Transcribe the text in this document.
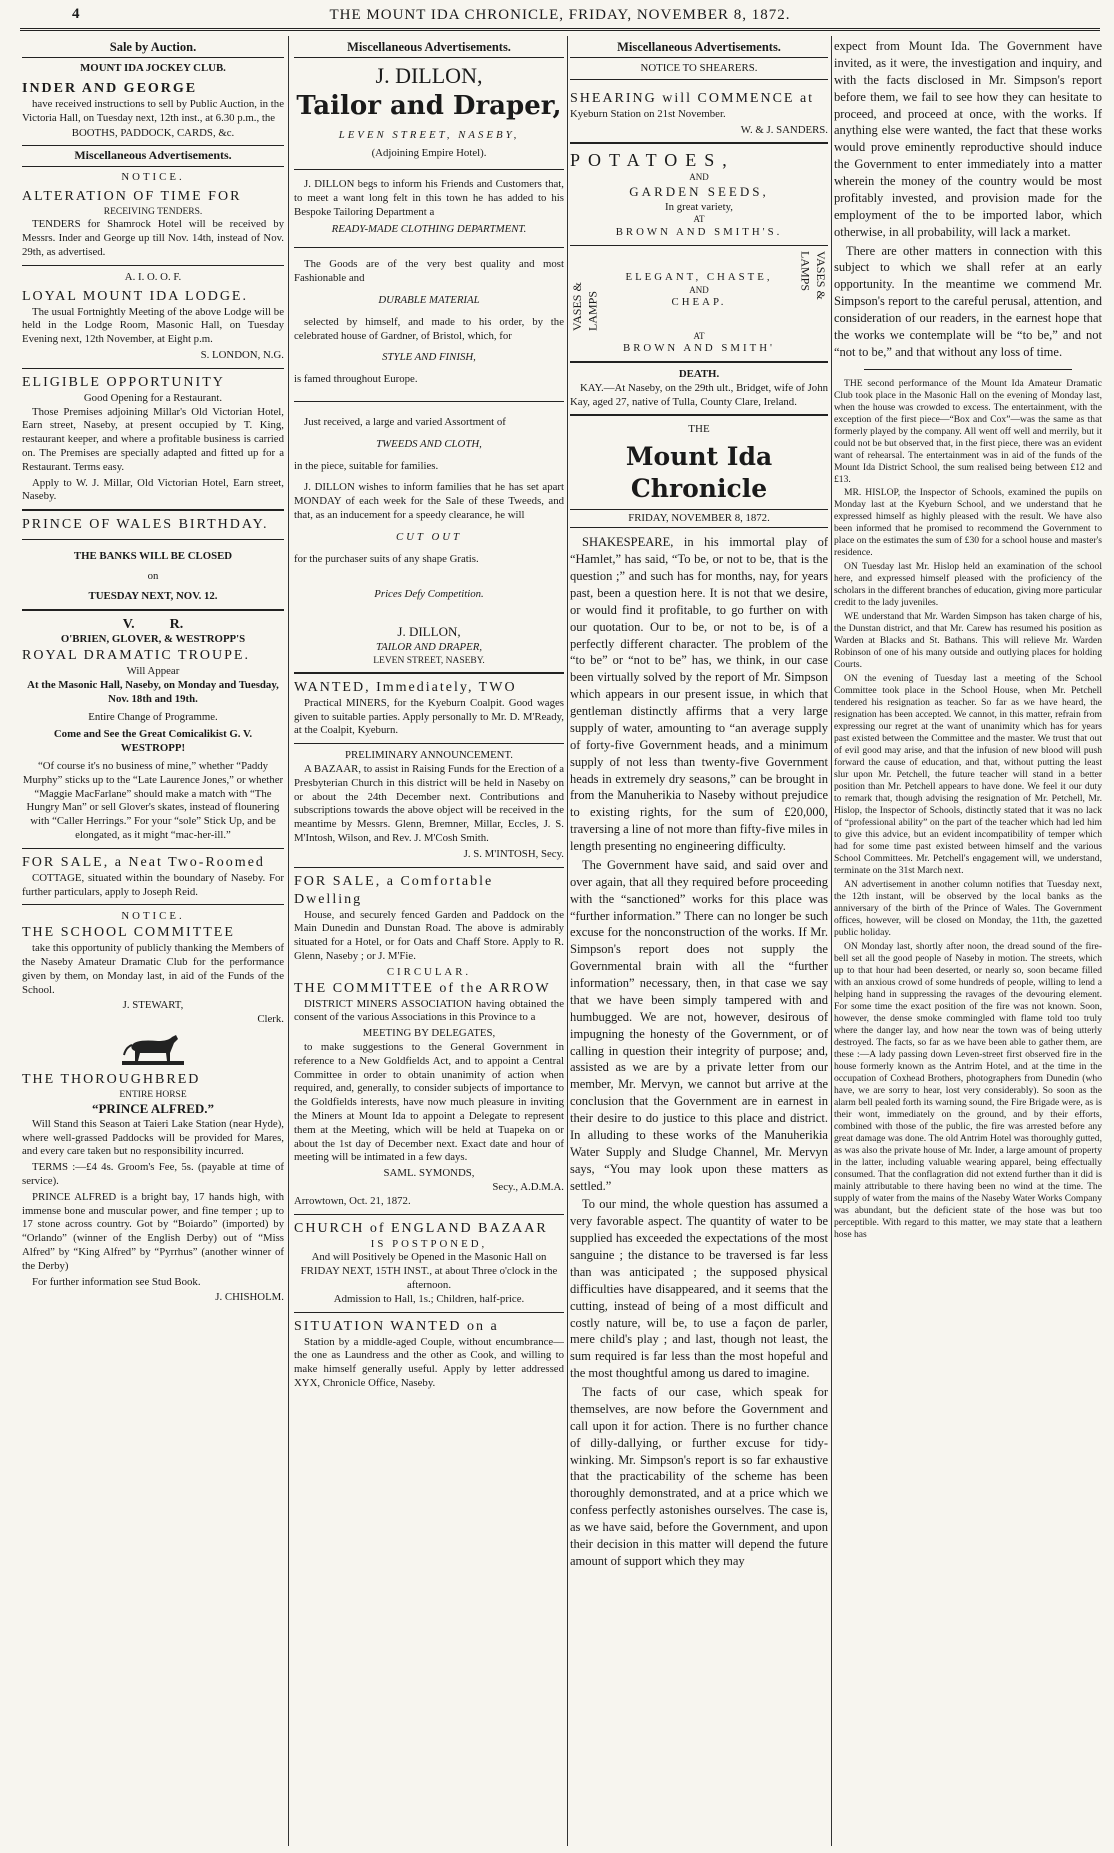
4	THE MOUNT IDA CHRONICLE, FRIDAY, NOVEMBER 8, 1872.
Sale by Auction.
MOUNT IDA JOCKEY CLUB.
INDER AND GEORGE

have received instructions to sell by Public Auction, in the Victoria Hall, on Tuesday next, 12th inst., at 6.30 p.m., the

BOOTHS, PADDOCK, CARDS, &c.
Miscellaneous Advertisements.
NOTICE.
ALTERATION OF TIME FOR
RECEIVING TENDERS.

TENDERS for Shamrock Hotel will be received by Messrs. Inder and George up till Nov. 14th, instead of Nov. 29th, as advertised.

A. I. O. O. F.
LOYAL MOUNT IDA LODGE.

The usual Fortnightly Meeting of the above Lodge will be held in the Lodge Room, Masonic Hall, on Tuesday Evening next, 12th November, at Eight p.m.

S. LONDON, N.G.
ELIGIBLE OPPORTUNITY
Good Opening for a Restaurant.

Those Premises adjoining Millar's Old Victorian Hotel, Earn street, Naseby, at present occupied by T. King, restaurant keeper, and where a profitable business is carried on. The Premises are specially adapted and fitted up for a Restaurant. Terms easy.

Apply to W. J. Millar, Old Victorian Hotel, Earn street, Naseby.

PRINCE OF WALES BIRTHDAY.
THE BANKS WILL BE CLOSED
on
TUESDAY NEXT, NOV. 12.
V.          R.
O'BRIEN, GLOVER, & WESTROPP'S
ROYAL DRAMATIC TROUPE.
Will Appear
At the Masonic Hall, Naseby, on Monday and Tuesday, Nov. 18th and 19th.
Entire Change of Programme.
Come and See the Great Comicalikist G. V. WESTROPP!

“Of course it's no business of mine,” whether “Paddy Murphy” sticks up to the “Late Laurence Jones,” or whether “Maggie MacFarlane” should make a match with “The Hungry Man” or sell Glover's skates, instead of flounering with “Caller Herrings.” For your “sole” Stick Up, and be elongated, as it might “mac-her-ill.”

FOR SALE, a Neat Two-Roomed

COTTAGE, situated within the boundary of Naseby. For further particulars, apply to Joseph Reid.

NOTICE.
THE SCHOOL COMMITTEE

take this opportunity of publicly thanking the Members of the Naseby Amateur Dramatic Club for the performance given by them, on Monday last, in aid of the Funds of the School.

J. STEWART,
Clerk.
THE THOROUGHBRED
ENTIRE HORSE
“PRINCE ALFRED.”

Will Stand this Season at Taieri Lake Station (near Hyde), where well-grassed Paddocks will be provided for Mares, and every care taken but no responsibility incurred.

TERMS :—£4 4s. Groom's Fee, 5s. (payable at time of service).

PRINCE ALFRED is a bright bay, 17 hands high, with immense bone and muscular power, and fine temper ; up to 17 stone across country. Got by “Boiardo” (imported) by “Orlando” (winner of the English Derby) out of “Miss Alfred” by “King Alfred” by “Pyrrhus” (another winner of the Derby)

For further information see Stud Book.

J. CHISHOLM.
Miscellaneous Advertisements.
J. DILLON,
Tailor and Draper,
LEVEN STREET, NASEBY,
(Adjoining Empire Hotel).

J. DILLON begs to inform his Friends and Customers that, to meet a want long felt in this town he has added to his Bespoke Tailoring Department a

READY-MADE CLOTHING DEPARTMENT.

The Goods are of the very best quality and most Fashionable and

DURABLE MATERIAL

selected by himself, and made to his order, by the celebrated house of Gardner, of Bristol, which, for

STYLE AND FINISH,

is famed throughout Europe.

Just received, a large and varied Assortment of

TWEEDS AND CLOTH,

in the piece, suitable for families.

J. DILLON wishes to inform families that he has set apart MONDAY of each week for the Sale of these Tweeds, and that, as an inducement for a speedy clearance, he will

CUT OUT

for the purchaser suits of any shape Gratis.

Prices Defy Competition.
J. DILLON,
TAILOR AND DRAPER,
LEVEN STREET, NASEBY.
WANTED, Immediately, TWO

Practical MINERS, for the Kyeburn Coalpit. Good wages given to suitable parties. Apply personally to Mr. D. M'Ready, at the Coalpit, Kyeburn.

PRELIMINARY ANNOUNCEMENT.

A BAZAAR, to assist in Raising Funds for the Erection of a Presbyterian Church in this district will be held in Naseby on or about the 24th December next. Contributions and subscriptions towards the above object will be received in the meantime by Messrs. Glenn, Bremner, Millar, Eccles, J. S. M'Intosh, Wilson, and Rev. J. M'Cosh Smith.

J. S. M'INTOSH, Secy.
FOR SALE, a Comfortable Dwelling

House, and securely fenced Garden and Paddock on the Main Dunedin and Dunstan Road. The above is admirably situated for a Hotel, or for Oats and Chaff Store. Apply to R. Glenn, Naseby ; or J. M'Fie.

CIRCULAR.
THE COMMITTEE of the ARROW

DISTRICT MINERS ASSOCIATION having obtained the consent of the various Associations in this Province to a

MEETING BY DELEGATES,

to make suggestions to the General Government in reference to a New Goldfields Act, and to appoint a Central Committee in order to obtain unanimity of action when required, and, generally, to consider subjects of importance to the Goldfields interests, have now much pleasure in inviting the Miners at Mount Ida to appoint a Delegate to represent them at the Meeting, which will be held at Tuapeka on or about the 1st day of December next. Exact date and hour of meeting will be intimated in a few days.

SAML. SYMONDS,
Secy., A.D.M.A.

Arrowtown, Oct. 21, 1872.

CHURCH of ENGLAND BAZAAR
IS POSTPONED,
And will Positively be Opened in the Masonic Hall on
FRIDAY NEXT, 15TH INST., at about Three o'clock in the afternoon.
Admission to Hall, 1s.; Children, half-price.
SITUATION WANTED on a

Station by a middle-aged Couple, without encumbrance—the one as Laundress and the other as Cook, and willing to make himself generally useful. Apply by letter addressed XYX, Chronicle Office, Naseby.

Miscellaneous Advertisements.
NOTICE TO SHEARERS.
SHEARING will COMMENCE at

Kyeburn Station on 21st November.

W. & J. SANDERS.
POTATOES,
AND
GARDEN SEEDS,
In great variety,
AT
BROWN AND SMITH'S.
VASES & LAMPS
ELEGANT, CHASTE,
AND
CHEAP.
VASES & LAMPS
AT
BROWN AND SMITH'
DEATH.

KAY.—At Naseby, on the 29th ult., Bridget, wife of John Kay, aged 27, native of Tulla, County Clare, Ireland.

THE
Mount Ida Chronicle
FRIDAY, NOVEMBER 8, 1872.

SHAKESPEARE, in his immortal play of “Hamlet,” has said, “To be, or not to be, that is the question ;” and such has for months, nay, for years past, been a question here. It is not that we desire, or would find it profitable, to go further on with our quotation. Our to be, or not to be, is of a perfectly different character. The problem of the “to be” or “not to be” has, we think, in our case been virtually solved by the report of Mr. Simpson which appears in our present issue, in which that gentleman distinctly affirms that a very large supply of water, amounting to “an average supply of forty-five Government heads, and a minimum supply of not less than twenty-five Government heads in extremely dry seasons,” can be brought in from the Manuherikia to Naseby without prejudice to existing rights, for the sum of £20,000, traversing a line of not more than fifty-five miles in length presenting no engineering difficulty.

The Government have said, and said over and over again, that all they required before proceeding with the “sanctioned” works for this place was “further information.” There can no longer be such excuse for the nonconstruction of the works. If Mr. Simpson's report does not supply the Governmental brain with all the “further information” necessary, then, in that case we say that we have been simply tampered with and humbugged. We are not, however, desirous of impugning the honesty of the Government, or of calling in question their integrity of purpose; and, assisted as we are by a private letter from our member, Mr. Mervyn, we cannot but arrive at the conclusion that the Government are in earnest in their desire to do justice to this place and district. In alluding to these works of the Manuherikia Water Supply and Sludge Channel, Mr. Mervyn says, “You may look upon these matters as settled.”

To our mind, the whole question has assumed a very favorable aspect. The quantity of water to be supplied has exceeded the expectations of the most sanguine ; the distance to be traversed is far less than was anticipated ; the supposed physical difficulties have disappeared, and it seems that the cutting, instead of being of a most difficult and costly nature, will be, to use a façon de parler, mere child's play ; and last, though not least, the sum required is far less than the most hopeful and the most thoughtful among us dared to imagine.

The facts of our case, which speak for themselves, are now before the Government and call upon it for action. There is no further chance of dilly-dallying, or further excuse for tidy-winking. Mr. Simpson's report is so far exhaustive that the practicability of the scheme has been thoroughly demonstrated, and at a price which we confess perfectly astonishes ourselves. The case is, as we have said, before the Government, and upon their decision in this matter will depend the future amount of support which they may

expect from Mount Ida. The Government have invited, as it were, the investigation and inquiry, and with the facts disclosed in Mr. Simpson's report before them, we fail to see how they can hesitate to proceed, and proceed at once, with the works. If anything else were wanted, the fact that these works would prove eminently reproductive should induce the Government to enter immediately into a matter wherein the money of the country would be most profitably invested, and provision made for the employment of the to be imported labor, which otherwise, in all probability, will lack a market.

There are other matters in connection with this subject to which we shall refer at an early opportunity. In the meantime we commend Mr. Simpson's report to the careful perusal, attention, and consideration of our readers, in the earnest hope that the works we contemplate will be “to be,” and not “not to be,” and that without any loss of time.

THE second performance of the Mount Ida Amateur Dramatic Club took place in the Masonic Hall on the evening of Monday last, when the house was crowded to excess. The entertainment, with the exception of the first piece—“Box and Cox”—was the same as that formerly played by the company. All went off well and merrily, but it could not be but observed that, in the first piece, there was an evident want of rehearsal. The entertainment was in aid of the funds of the Mount Ida District School, the sum realised being between £12 and £13.

MR. HISLOP, the Inspector of Schools, examined the pupils on Monday last at the Kyeburn School, and we understand that he expressed himself as highly pleased with the result. We have also been informed that he promised to recommend the Government to place on the estimates the sum of £30 for a school house and master's residence.

ON Tuesday last Mr. Hislop held an examination of the school here, and expressed himself pleased with the proficiency of the scholars in the different branches of education, giving more particular credit to the lady juveniles.

WE understand that Mr. Warden Simpson has taken charge of his, the Dunstan district, and that Mr. Carew has resumed his position as Warden at Blacks and St. Bathans. This will relieve Mr. Warden Robinson of one of his many outside and outlying places for holding Courts.

ON the evening of Tuesday last a meeting of the School Committee took place in the School House, when Mr. Petchell tendered his resignation as teacher. So far as we have heard, the resignation has been accepted. We cannot, in this matter, refrain from expressing our regret at the want of unanimity which has for years past existed between the Committee and the master. We trust that out of evil good may arise, and that the infusion of new blood will push forward the cause of education, and that, without putting the least slur upon Mr. Petchell, the future teacher will stand in a better position than Mr. Petchell appears to have done. We feel it our duty to remark that, though advising the resignation of Mr. Petchell, Mr. Hislop, the Inspector of Schools, distinctly stated that it was no lack of “professional ability” on the part of the teacher which had led him to give this advice, but an evident incompatibility of temper which had for some time past existed between himself and the various School Committees. Mr. Petchell's engagement will, we understand, terminate on the 31st March next.

AN advertisement in another column notifies that Tuesday next, the 12th instant, will be observed by the local banks as the anniversary of the birth of the Prince of Wales. The Government offices, however, will be closed on Monday, the 11th, the gazetted public holiday.

ON Monday last, shortly after noon, the dread sound of the fire-bell set all the good people of Naseby in motion. The streets, which up to that hour had been deserted, or nearly so, soon became filled with an anxious crowd of some hundreds of people, willing to lend a helping hand in suppressing the ravages of the devouring element. For some time the exact position of the fire was not known. Soon, however, the dense smoke commingled with flame told too truly where the danger lay, and how near the town was of being utterly destroyed. The facts, so far as we have been able to gather them, are these :—A lady passing down Leven-street first observed fire in the house formerly known as the Antrim Hotel, and at the time in the occupation of Coxhead Brothers, photographers from Dunedin (who have, we are sorry to hear, lost very considerably). So soon as the alarm bell pealed forth its warning sound, the Fire Brigade were, as is their wont, immediately on the ground, and by their efforts, combined with those of the public, the fire was arrested before any great damage was done. The old Antrim Hotel was thoroughly gutted, as was also the private house of Mr. Inder, a large amount of property in the latter, including valuable wearing apparel, being effectually consumed. That the conflagration did not extend further than it did is mainly attributable to there having been no wind at the time. The supply of water from the mains of the Naseby Water Works Company was abundant, but the deficient state of the hose was but too perceptible. With regard to this matter, we may state that a leathern hose has
